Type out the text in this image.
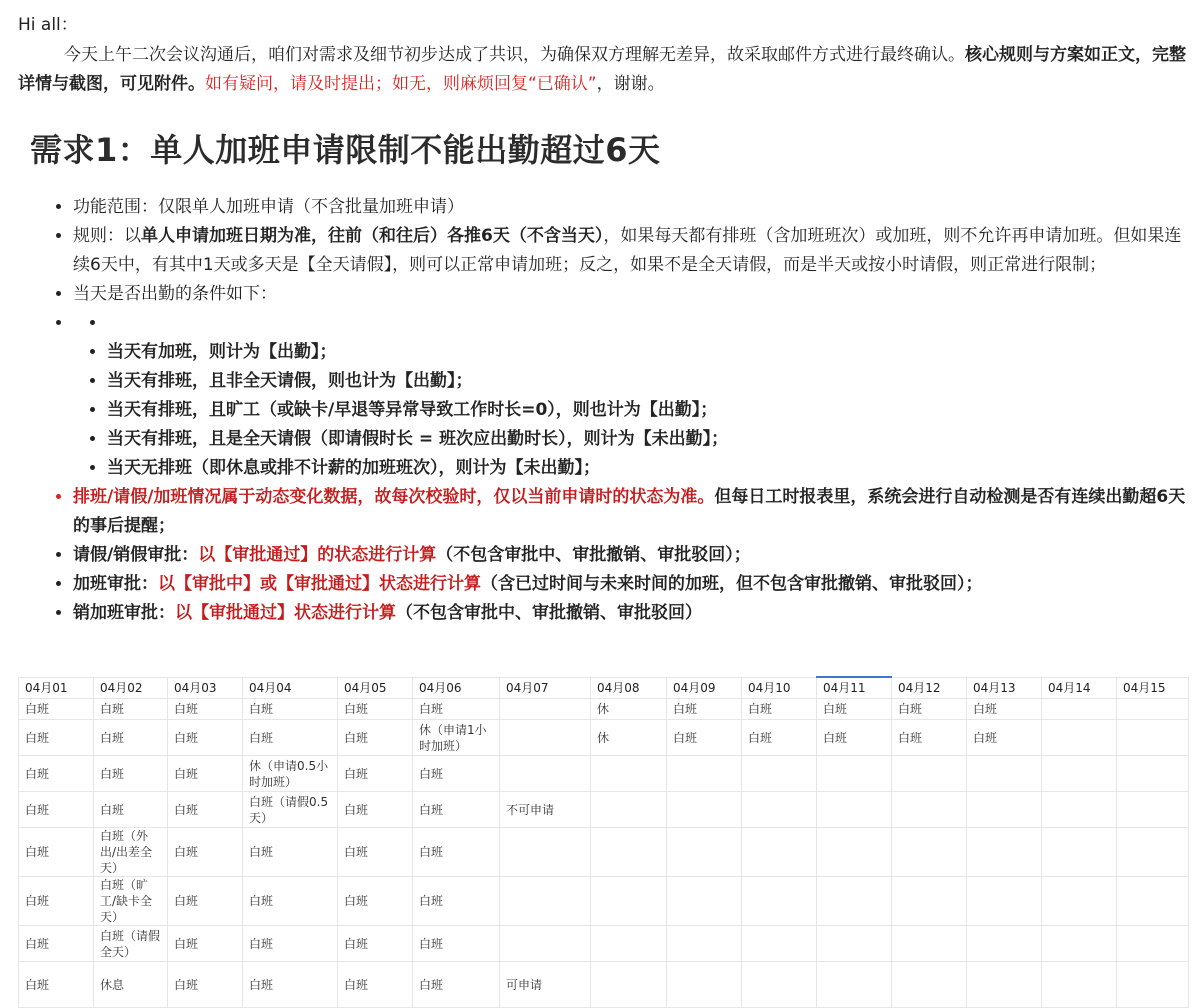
Hi all：
今天上午二次会议沟通后，咱们对需求及细节初步达成了共识，为确保双方理解无差异，故采取邮件方式进行最终确认。核心规则与方案如正文，完整详情与截图，可见附件。如有疑问，请及时提出；如无，则麻烦回复“已确认”，谢谢。
需求1：单人加班申请限制不能出勤超过6天
• 功能范围：仅限单人加班申请（不含批量加班申请）
• 规则：以单人申请加班日期为准，往前（和往后）各推6天（不含当天），如果每天都有排班（含加班班次）或加班，则不允许再申请加班。但如果连续6天中，有其中1天或多天是【全天请假】，则可以正常申请加班；反之，如果不是全天请假，而是半天或按小时请假，则正常进行限制；
• 当天是否出勤的条件如下：
•
• • 当天有加班，则计为【出勤】；
• 当天有排班，且非全天请假，则也计为【出勤】；
• 当天有排班，且旷工（或缺卡/早退等异常导致工作时长=0），则也计为【出勤】；
• 当天有排班，且是全天请假（即请假时长 = 班次应出勤时长），则计为【未出勤】；
• 当天无排班（即休息或排不计薪的加班班次），则计为【未出勤】；
• 排班/请假/加班情况属于动态变化数据，故每次校验时，仅以当前申请时的状态为准。但每日工时报表里，系统会进行自动检测是否有连续出勤超6天的事后提醒；
• 请假/销假审批：以【审批通过】的状态进行计算（不包含审批中、审批撤销、审批驳回）；
• 加班审批：以【审批中】或【审批通过】状态进行计算（含已过时间与未来时间的加班，但不包含审批撤销、审批驳回）；
• 销加班审批：以【审批通过】状态进行计算（不包含审批中、审批撤销、审批驳回）
04月01	04月02	04月03	04月04	04月05	04月06	04月07	04月08	04月09	04月10	04月11	04月12	04月13	04月14	04月15
白班	白班	白班	白班	白班	白班		休	白班	白班	白班	白班	白班		
白班	白班	白班	白班	白班	休（申请1小时加班）		休	白班	白班	白班	白班	白班		
白班	白班	白班	休（申请0.5小时加班）	白班	白班									
白班	白班	白班	白班（请假0.5天）	白班	白班	不可申请								
白班	白班（外出/出差全天）	白班	白班	白班	白班									
白班	白班（旷工/缺卡全天）	白班	白班	白班	白班									
白班	白班（请假全天）	白班	白班	白班	白班									
白班	休息	白班	白班	白班	白班	可申请								
